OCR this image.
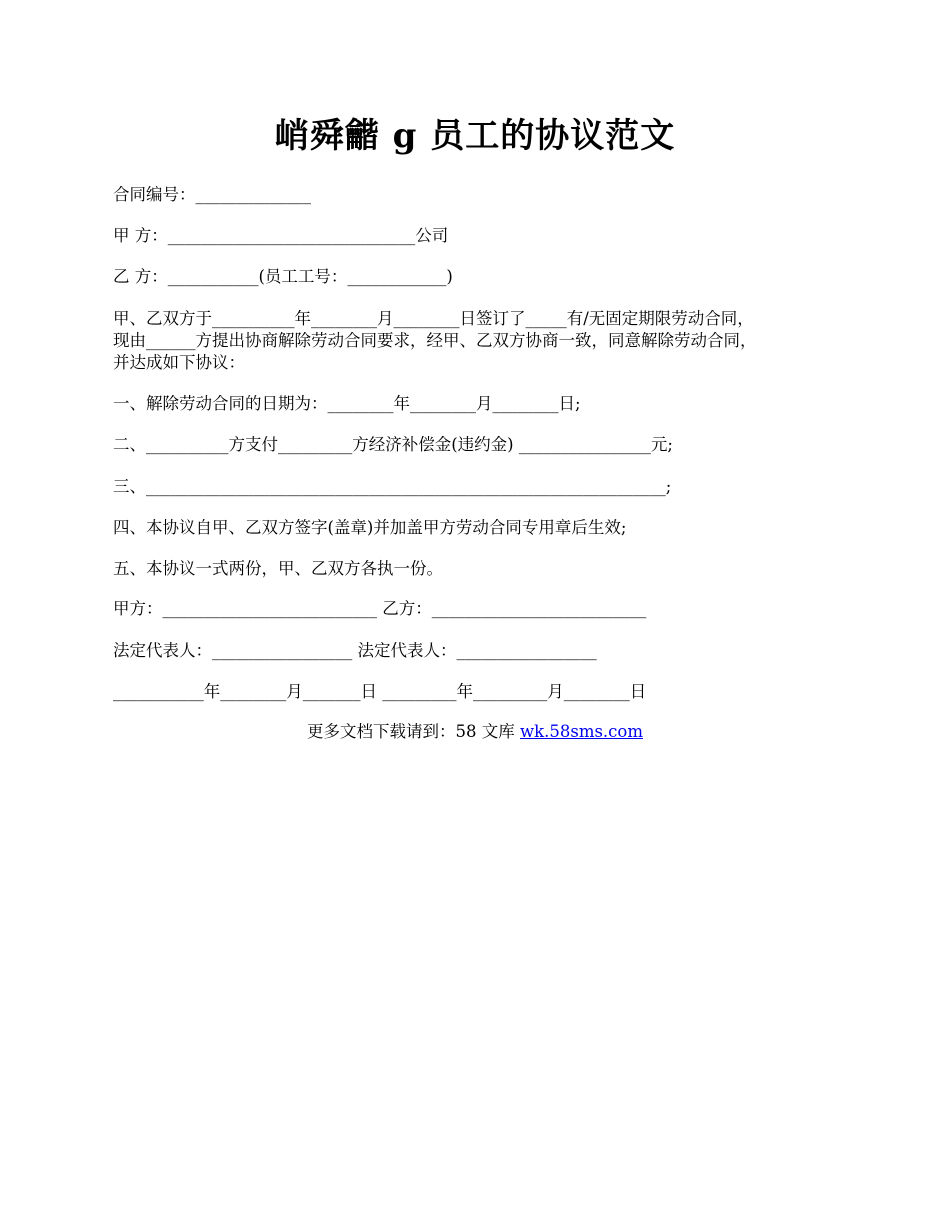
峭舜龤 g 员工的协议范文
合同编号：______________
甲 方：______________________________公司
乙 方：___________(员工工号：____________)
甲、乙双方于__________年________月________日签订了_____有/无固定期限劳动合同，
现由______方提出协商解除劳动合同要求，经甲、乙双方协商一致，同意解除劳动合同，
并达成如下协议：
一、解除劳动合同的日期为：________年________月________日;
二、__________方支付_________方经济补偿金(违约金) ________________元;
三、_______________________________________________________________;
四、本协议自甲、乙双方签字(盖章)并加盖甲方劳动合同专用章后生效;
五、本协议一式两份，甲、乙双方各执一份。
甲方：__________________________ 乙方：__________________________
法定代表人：_________________ 法定代表人：_________________
___________年________月_______日 _________年_________月________日
更多文档下载请到：58 文库 wk.58sms.com
